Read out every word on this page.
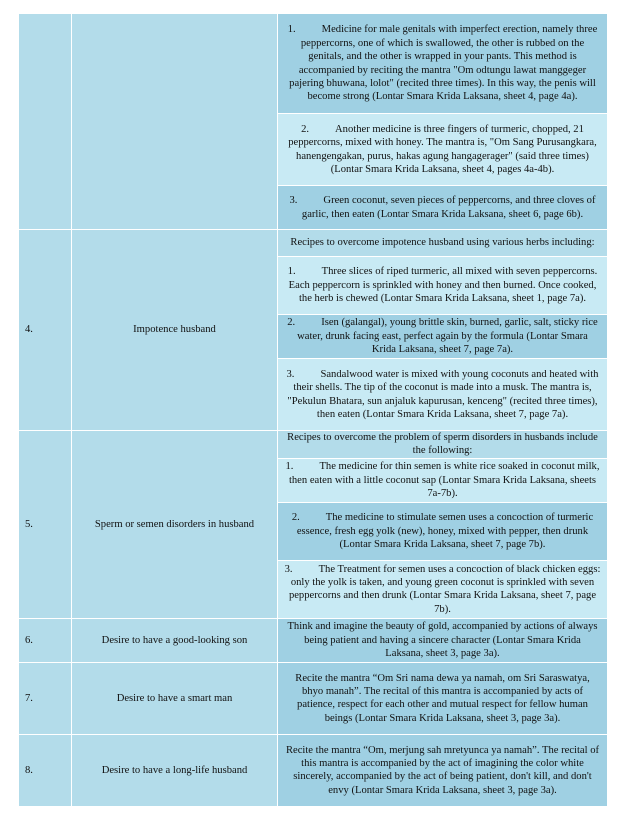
		1. Medicine for male genitals with imperfect erection, namely three peppercorns, one of which is swallowed, the other is rubbed on the genitals, and the other is wrapped in your pants. This method is accompanied by reciting the mantra "Om odtungu lawat manggeger pajering bhuwana, lolot" (recited three times). In this way, the penis will become strong (Lontar Smara Krida Laksana, sheet 4, page 4a).
		2. Another medicine is three fingers of turmeric, chopped, 21 peppercorns, mixed with honey. The mantra is, "Om Sang Purusangkara, hanengengakan, purus, hakas agung hangagerager" (said three times) (Lontar Smara Krida Laksana, sheet 4, pages 4a-4b).
		3. Green coconut, seven pieces of peppercorns, and three cloves of garlic, then eaten (Lontar Smara Krida Laksana, sheet 6, page 6b).
4.	Impotence husband	Recipes to overcome impotence husband using various herbs including:
		1. Three slices of riped turmeric, all mixed with seven peppercorns. Each peppercorn is sprinkled with honey and then burned. Once cooked, the herb is chewed (Lontar Smara Krida Laksana, sheet 1, page 7a).
		2. Isen (galangal), young brittle skin, burned, garlic, salt, sticky rice water, drunk facing east, perfect again by the formula (Lontar Smara Krida Laksana, sheet 7, page 7a).
		3. Sandalwood water is mixed with young coconuts and heated with their shells. The tip of the coconut is made into a musk. The mantra is, "Pekulun Bhatara, sun anjaluk kapurusan, kenceng" (recited three times), then eaten (Lontar Smara Krida Laksana, sheet 7, page 7a).
5.	Sperm or semen disorders in husband	Recipes to overcome the problem of sperm disorders in husbands include the following:
		1. The medicine for thin semen is white rice soaked in coconut milk, then eaten with a little coconut sap (Lontar Smara Krida Laksana, sheets 7a-7b).
		2. The medicine to stimulate semen uses a concoction of turmeric essence, fresh egg yolk (new), honey, mixed with pepper, then drunk (Lontar Smara Krida Laksana, sheet 7, page 7b).
		3. The Treatment for semen uses a concoction of black chicken eggs: only the yolk is taken, and young green coconut is sprinkled with seven peppercorns and then drunk (Lontar Smara Krida Laksana, sheet 7, page 7b).
6.	Desire to have a good-looking son	Think and imagine the beauty of gold, accompanied by actions of always being patient and having a sincere character (Lontar Smara Krida Laksana, sheet 3, page 3a).
7.	Desire to have a smart man	Recite the mantra “Om Sri nama dewa ya namah, om Sri Saraswatya, bhyo manah”. The recital of this mantra is accompanied by acts of patience, respect for each other and mutual respect for fellow human beings (Lontar Smara Krida Laksana, sheet 3, page 3a).
8.	Desire to have a long-life husband	Recite the mantra “Om, merjung sah mretyunca ya namah”. The recital of this mantra is accompanied by the act of imagining the color white sincerely, accompanied by the act of being patient, don't kill, and don't envy (Lontar Smara Krida Laksana, sheet 3, page 3a).
